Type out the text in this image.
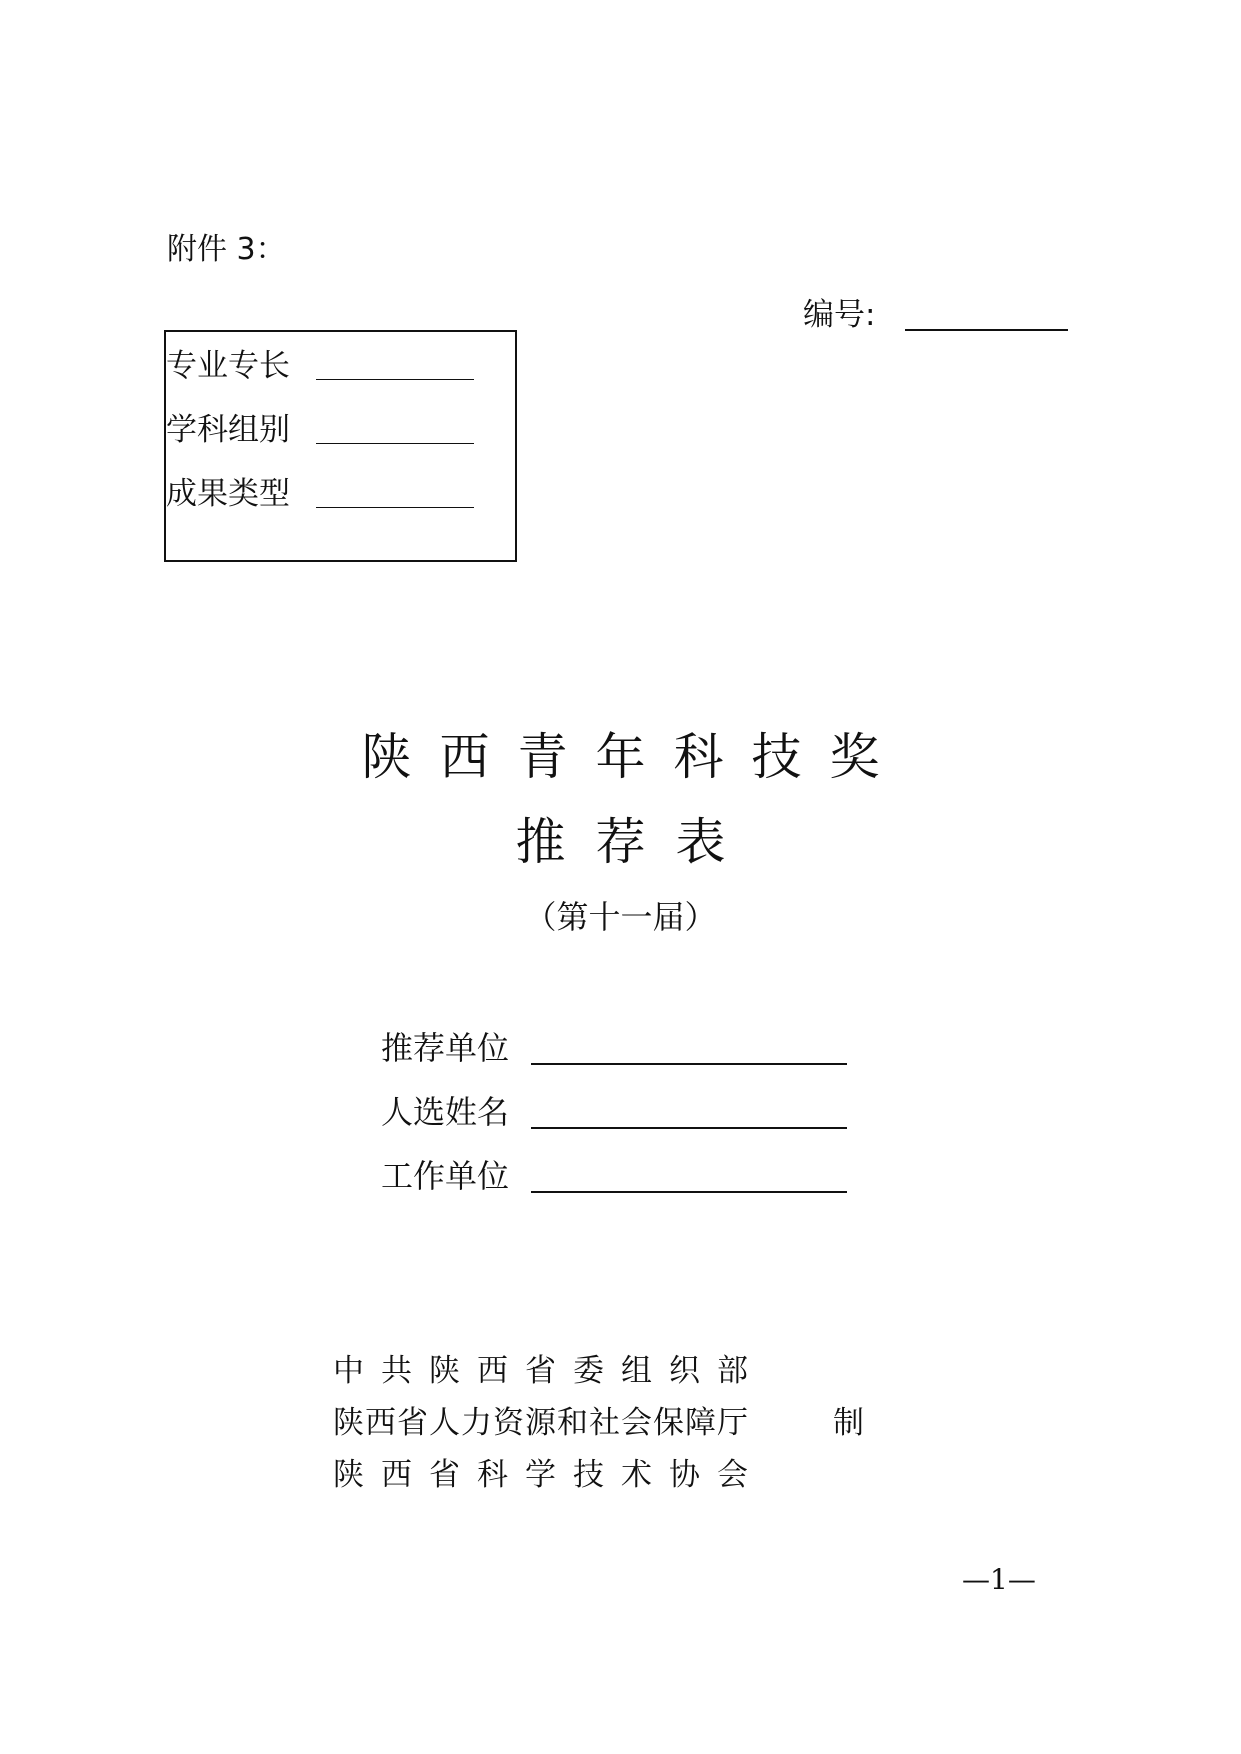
附件 3：
编号:
专业专长
学科组别
成果类型
陕西青年科技奖
推荐表
（第十一届）
推荐单位
人选姓名
工作单位
中共陕西省委组织部
陕西省人力资源和社会保障厅
陕西省科学技术协会
制
—1—
